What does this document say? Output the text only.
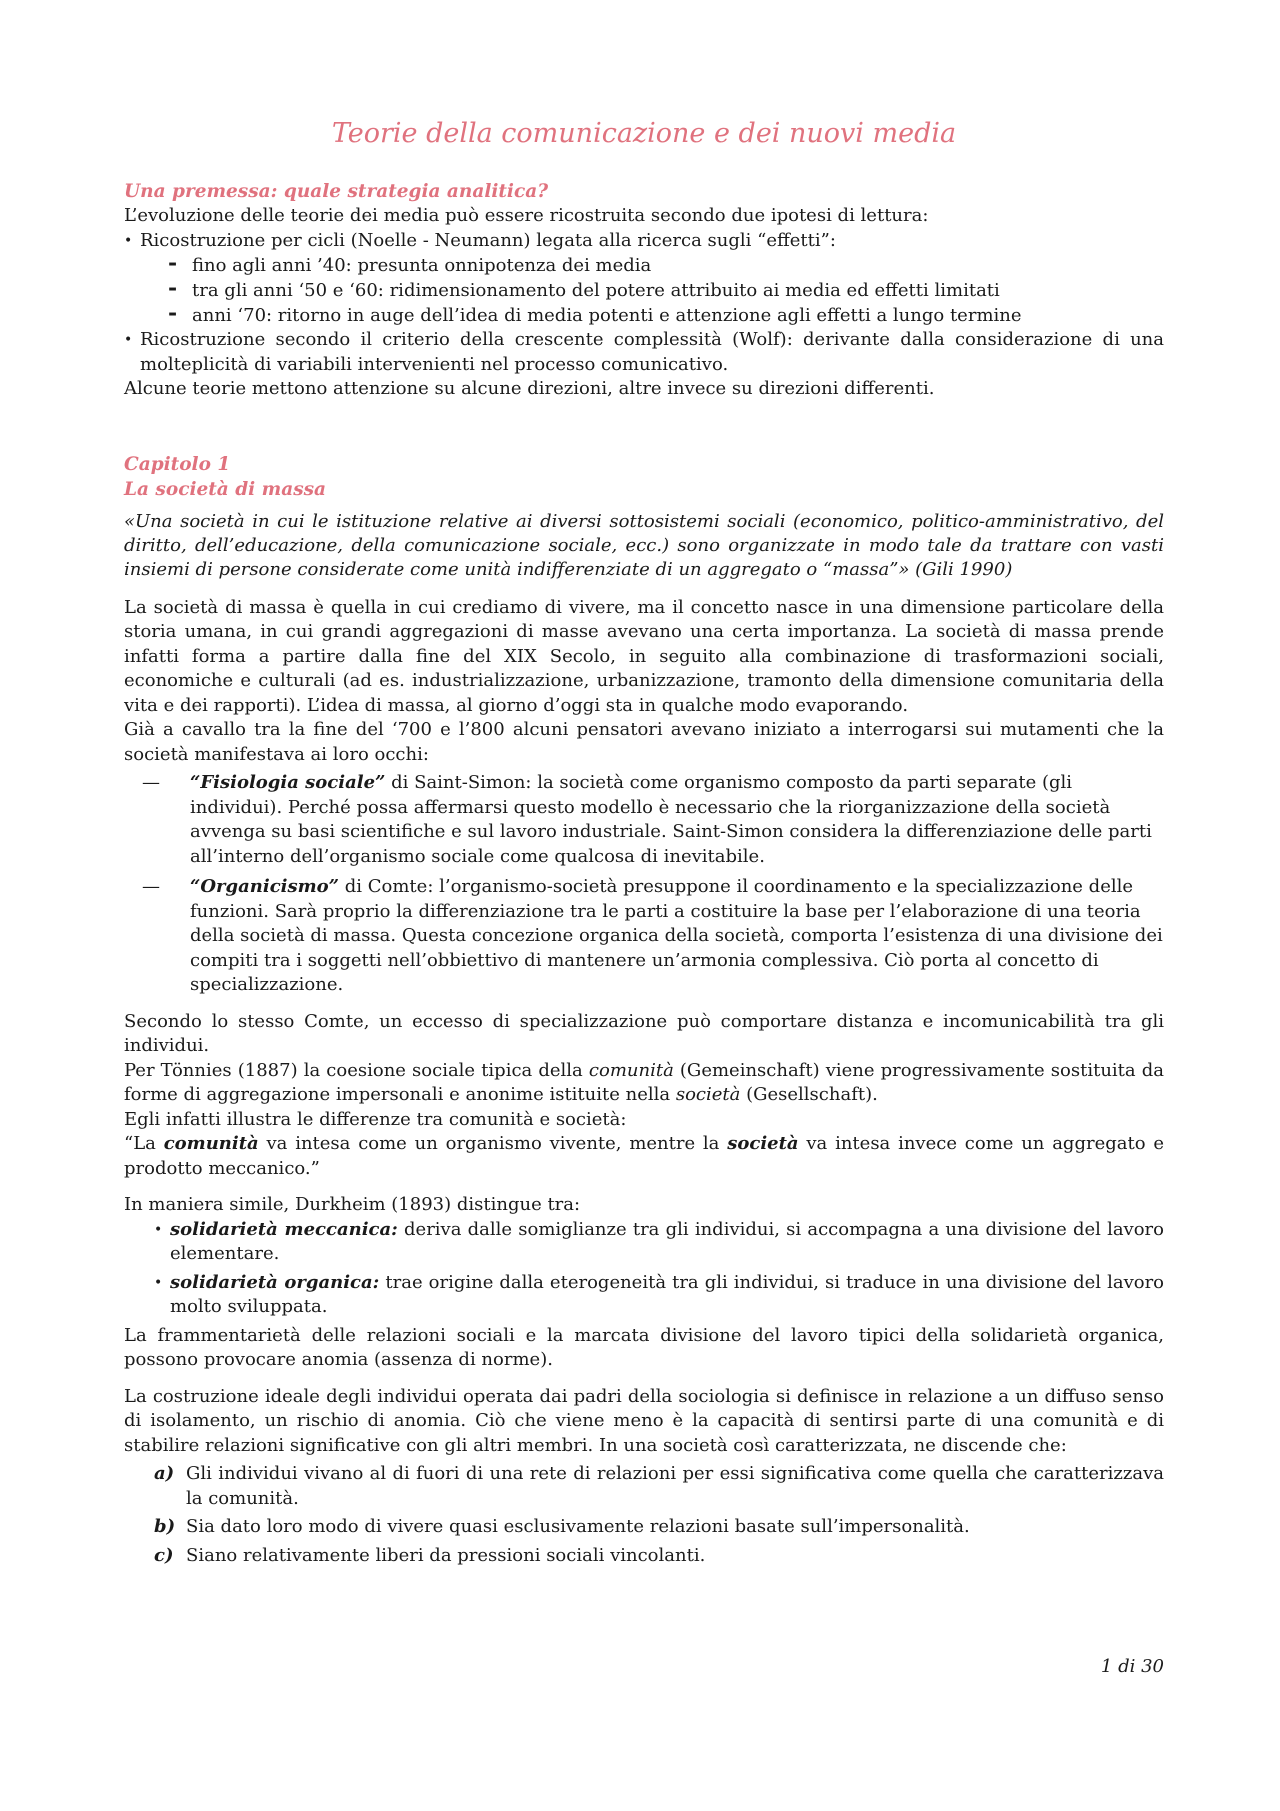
Teorie della comunicazione e dei nuovi media
Una premessa: quale strategia analitica?

L’evoluzione delle teorie dei media può essere ricostruita secondo due ipotesi di lettura:

• Ricostruzione per cicli (Noelle - Neumann) legata alla ricerca sugli “effetti”:
- fino agli anni ’40: presunta onnipotenza dei media
- tra gli anni ‘50 e ‘60: ridimensionamento del potere attribuito ai media ed effetti limitati
- anni ‘70: ritorno in auge dell’idea di media potenti e attenzione agli effetti a lungo termine
• Ricostruzione secondo il criterio della crescente complessità (Wolf): derivante dalla considerazione di una molteplicità di variabili intervenienti nel processo comunicativo.

Alcune teorie mettono attenzione su alcune direzioni, altre invece su direzioni differenti.

Capitolo 1
La società di massa
«Una società in cui le istituzione relative ai diversi sottosistemi sociali (economico, politico-amministrativo, del diritto, dell’educazione, della comunicazione sociale, ecc.) sono organizzate in modo tale da trattare con vasti insiemi di persone considerate come unità indifferenziate di un aggregato o “massa”» (Gili 1990)

La società di massa è quella in cui crediamo di vivere, ma il concetto nasce in una dimensione particolare della storia umana, in cui grandi aggregazioni di masse avevano una certa importanza. La società di massa prende infatti forma a partire dalla fine del XIX Secolo, in seguito alla combinazione di trasformazioni sociali, economiche e culturali (ad es. industrializzazione, urbanizzazione, tramonto della dimensione comunitaria della vita e dei rapporti). L’idea di massa, al giorno d’oggi sta in qualche modo evaporando.

Già a cavallo tra la fine del ‘700 e l’800 alcuni pensatori avevano iniziato a interrogarsi sui mutamenti che la società manifestava ai loro occhi:

— “Fisiologia sociale” di Saint-Simon: la società come organismo composto da parti separate (gli individui). Perché possa affermarsi questo modello è necessario che la riorganizzazione della società avvenga su basi scientifiche e sul lavoro industriale. Saint-Simon considera la differenziazione delle parti all’interno dell’organismo sociale come qualcosa di inevitabile.
— “Organicismo” di Comte: l’organismo-società presuppone il coordinamento e la specializzazione delle funzioni. Sarà proprio la differenziazione tra le parti a costituire la base per l’elaborazione di una teoria della società di massa. Questa concezione organica della società, comporta l’esistenza di una divisione dei compiti tra i soggetti nell’obbiettivo di mantenere un’armonia complessiva. Ciò porta al concetto di specializzazione.

Secondo lo stesso Comte, un eccesso di specializzazione può comportare distanza e incomunicabilità tra gli individui.

Per Tönnies (1887) la coesione sociale tipica della comunità (Gemeinschaft) viene progressivamente sostituita da forme di aggregazione impersonali e anonime istituite nella società (Gesellschaft).

Egli infatti illustra le differenze tra comunità e società:

“La comunità va intesa come un organismo vivente, mentre la società va intesa invece come un aggregato e prodotto meccanico.”

In maniera simile, Durkheim (1893) distingue tra:

• solidarietà meccanica: deriva dalle somiglianze tra gli individui, si accompagna a una divisione del lavoro elementare.
• solidarietà organica: trae origine dalla eterogeneità tra gli individui, si traduce in una divisione del lavoro molto sviluppata.

La frammentarietà delle relazioni sociali e la marcata divisione del lavoro tipici della solidarietà organica, possono provocare anomia (assenza di norme).

La costruzione ideale degli individui operata dai padri della sociologia si definisce in relazione a un diffuso senso di isolamento, un rischio di anomia. Ciò che viene meno è la capacità di sentirsi parte di una comunità e di stabilire relazioni significative con gli altri membri. In una società così caratterizzata, ne discende che:

a) Gli individui vivano al di fuori di una rete di relazioni per essi significativa come quella che caratterizzava la comunità.
b) Sia dato loro modo di vivere quasi esclusivamente relazioni basate sull’impersonalità.
c) Siano relativamente liberi da pressioni sociali vincolanti.
1 di 30
